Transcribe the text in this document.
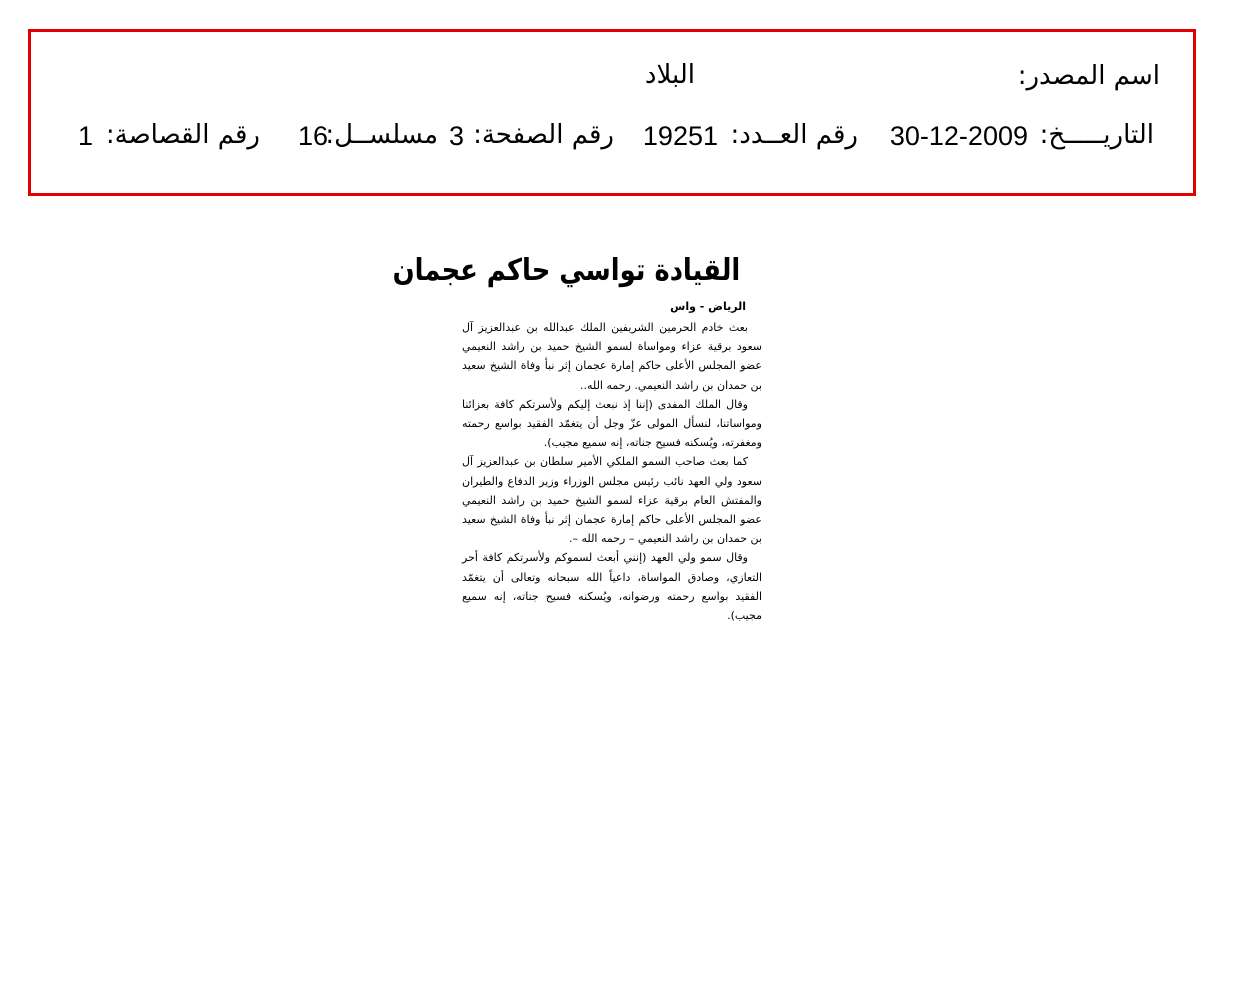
اسم المصدر:
البلاد
التاريـــــخ:
30-12-2009
رقم العــدد:
19251
رقم الصفحة:
3
مسلســل:
16
رقم القصاصة:
1
القيادة تواسي حاكم عجمان
الرياض - واس

بعث خادم الحرمين الشريفين الملك عبدالله بن عبدالعزيز آل سعود برقية عزاء ومواساة لسمو الشيخ حميد بن راشد النعيمي عضو المجلس الأعلى حاكم إمارة عجمان إثر نبأ وفاة الشيخ سعيد بن حمدان بن راشد النعيمي. رحمه الله..

وقال الملك المفدى (إننا إذ نبعث إليكم ولأسرتكم كافة بعزائنا ومواساتنا، لنسأل المولى عزّ وجل أن يتغمّد الفقيد بواسع رحمته ومغفرته، ويُسكنه فسيح جناته، إنه سميع مجيب).

كما بعث صاحب السمو الملكي الأمير سلطان بن عبدالعزيز آل سعود ولي العهد نائب رئيس مجلس الوزراء وزير الدفاع والطيران والمفتش العام برقية عزاء لسمو الشيخ حميد بن راشد النعيمي عضو المجلس الأعلى حاكم إمارة عجمان إثر نبأ وفاة الشيخ سعيد بن حمدان بن راشد النعيمي – رحمه الله –.

وقال سمو ولي العهد (إنني أبعث لسموكم ولأسرتكم كافة أحر التعازي، وصادق المواساة، داعياً الله سبحانه وتعالى أن يتغمّد الفقيد بواسع رحمته ورضوانه، ويُسكنه فسيح جناته، إنه سميع مجيب).
